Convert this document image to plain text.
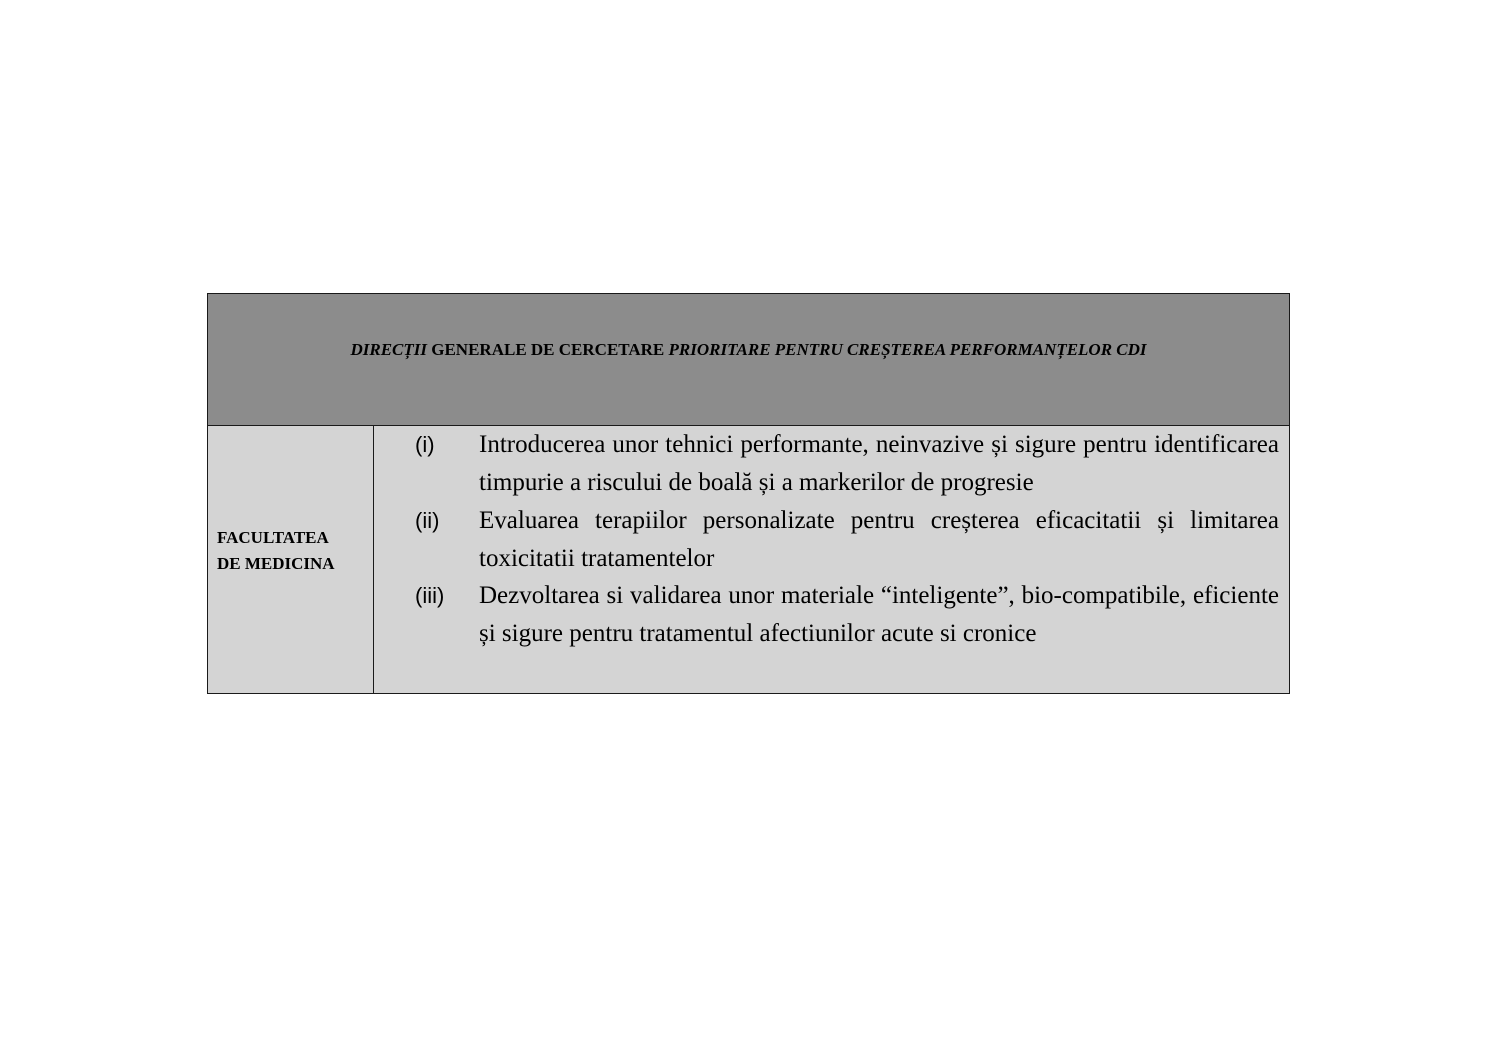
DIRECȚII GENERALE DE CERCETARE PRIORITARE PENTRU CREȘTEREA PERFORMANȚELOR CDI
FACULTATEA
DE MEDICINA
(i) Introducerea unor tehnici performante, neinvazive și sigure pentru identificarea timpurie a riscului de boală și a markerilor de progresie
(ii) Evaluarea terapiilor personalizate pentru creșterea eficacitatii și limitarea toxicitatii tratamentelor
(iii) Dezvoltarea si validarea unor materiale “inteligente”, bio-compatibile, eficiente și sigure pentru tratamentul afectiunilor acute si cronice
